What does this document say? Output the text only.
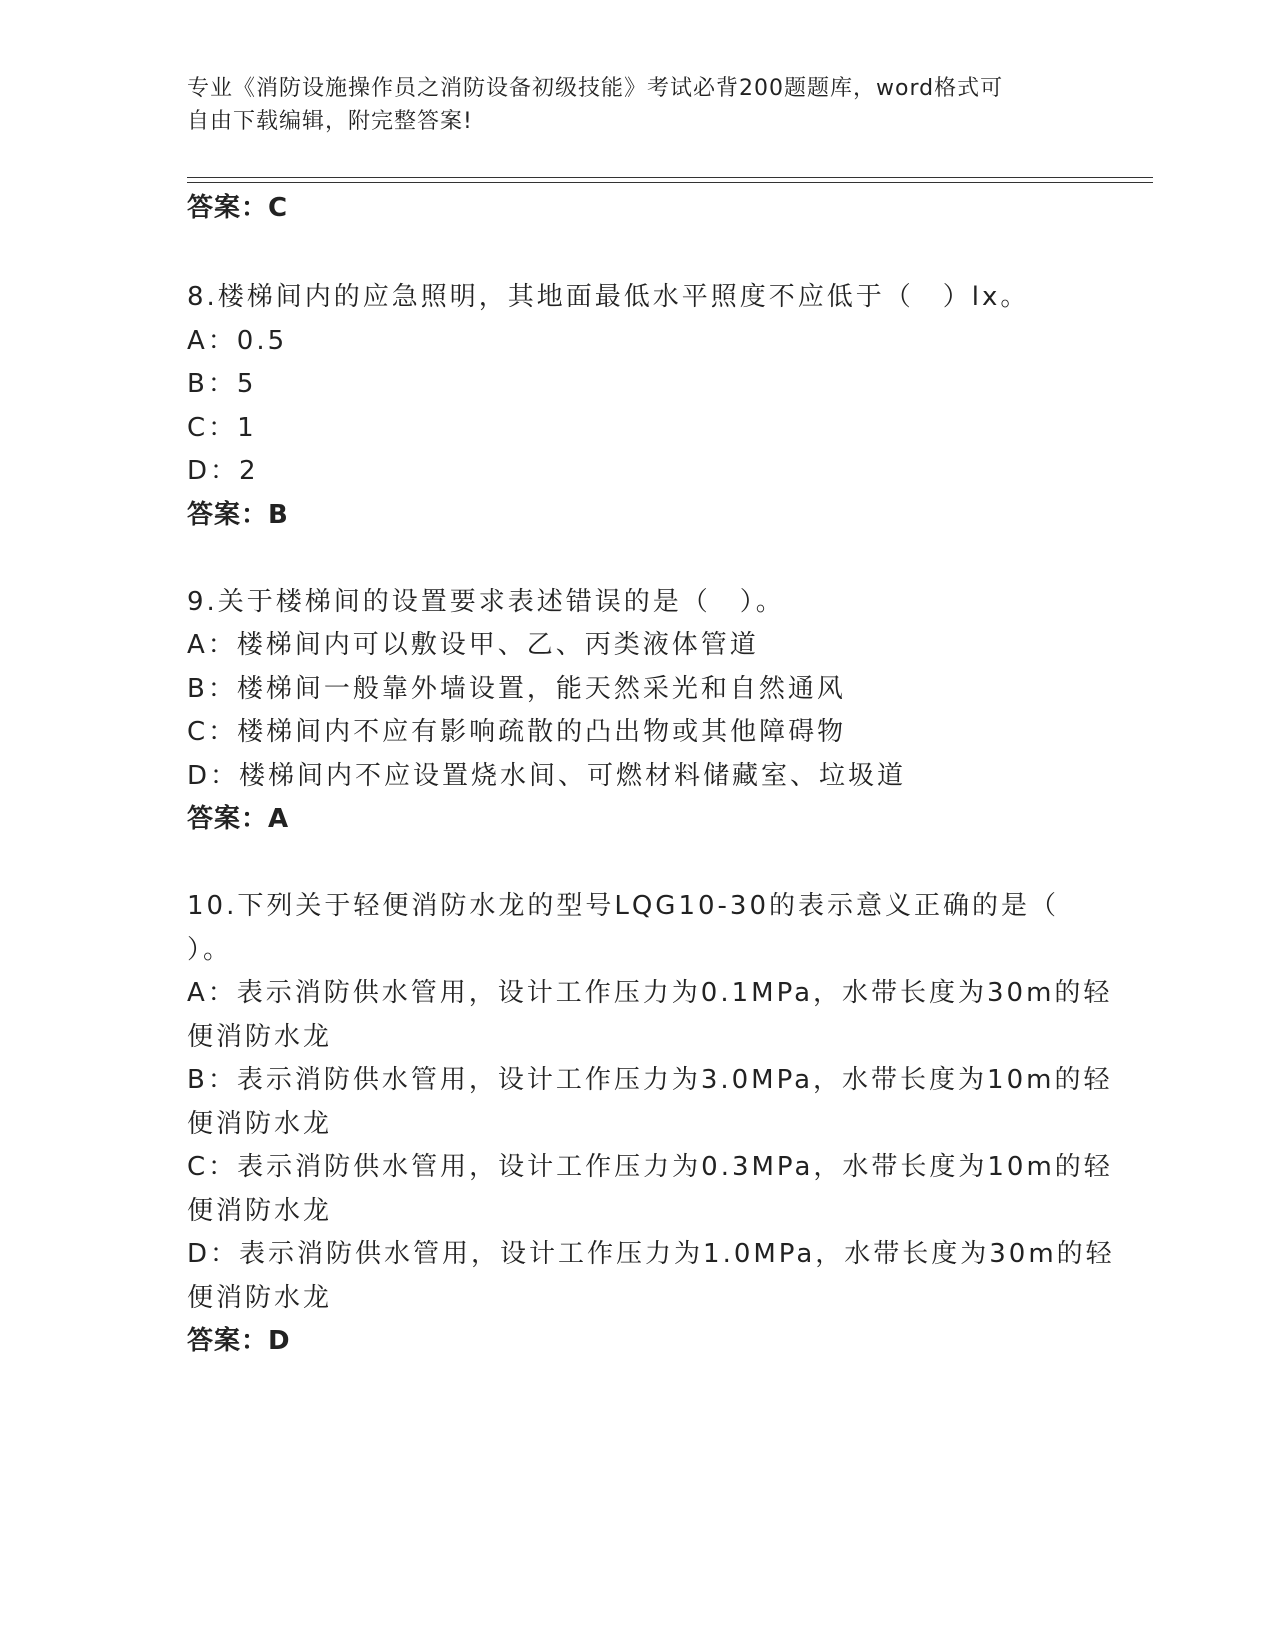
专业《消防设施操作员之消防设备初级技能》考试必背200题题库，word格式可
自由下载编辑，附完整答案!
答案：C
8.楼梯间内的应急照明，其地面最低水平照度不应低于（　）lx。
A：0.5
B：5
C：1
D：2
答案：B
9.关于楼梯间的设置要求表述错误的是（　）。
A：楼梯间内可以敷设甲、乙、丙类液体管道
B：楼梯间一般靠外墙设置，能天然采光和自然通风
C：楼梯间内不应有影响疏散的凸出物或其他障碍物
D：楼梯间内不应设置烧水间、可燃材料储藏室、垃圾道
答案：A
10.下列关于轻便消防水龙的型号LQG10-30的表示意义正确的是（
）。
A：表示消防供水管用，设计工作压力为0.1MPa，水带长度为30m的轻
便消防水龙
B：表示消防供水管用，设计工作压力为3.0MPa，水带长度为10m的轻
便消防水龙
C：表示消防供水管用，设计工作压力为0.3MPa，水带长度为10m的轻
便消防水龙
D：表示消防供水管用，设计工作压力为1.0MPa，水带长度为30m的轻
便消防水龙
答案：D
